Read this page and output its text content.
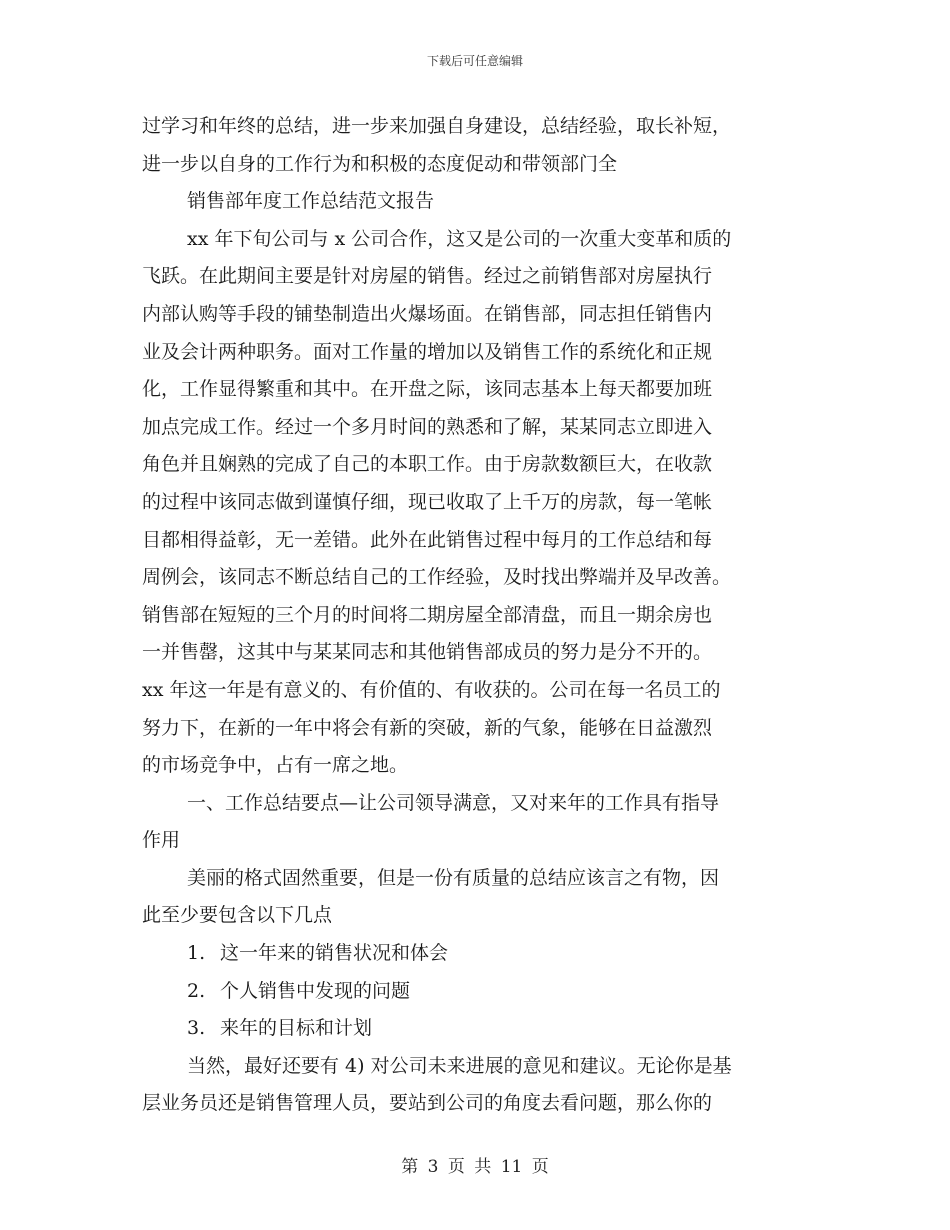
下载后可任意编辑
过学习和年终的总结，进一步来加强自身建设，总结经验，取长补短，
进一步以自身的工作行为和积极的态度促动和带领部门全
销售部年度工作总结范文报告
xx 年下旬公司与 x 公司合作，这又是公司的一次重大变革和质的
飞跃。在此期间主要是针对房屋的销售。经过之前销售部对房屋执行
内部认购等手段的铺垫制造出火爆场面。在销售部，同志担任销售内
业及会计两种职务。面对工作量的增加以及销售工作的系统化和正规
化，工作显得繁重和其中。在开盘之际，该同志基本上每天都要加班
加点完成工作。经过一个多月时间的熟悉和了解，某某同志立即进入
角色并且娴熟的完成了自己的本职工作。由于房款数额巨大，在收款
的过程中该同志做到谨慎仔细，现已收取了上千万的房款，每一笔帐
目都相得益彰，无一差错。此外在此销售过程中每月的工作总结和每
周例会，该同志不断总结自己的工作经验，及时找出弊端并及早改善。
销售部在短短的三个月的时间将二期房屋全部清盘，而且一期余房也
一并售罄，这其中与某某同志和其他销售部成员的努力是分不开的。
xx 年这一年是有意义的、有价值的、有收获的。公司在每一名员工的
努力下，在新的一年中将会有新的突破，新的气象，能够在日益激烈
的市场竞争中，占有一席之地。
一、工作总结要点—让公司领导满意，又对来年的工作具有指导
作用
美丽的格式固然重要，但是一份有质量的总结应该言之有物，因
此至少要包含以下几点
1. 这一年来的销售状况和体会
2. 个人销售中发现的问题
3. 来年的目标和计划
当然，最好还要有 4) 对公司未来进展的意见和建议。无论你是基
层业务员还是销售管理人员，要站到公司的角度去看问题，那么你的
第 3 页 共 11 页
